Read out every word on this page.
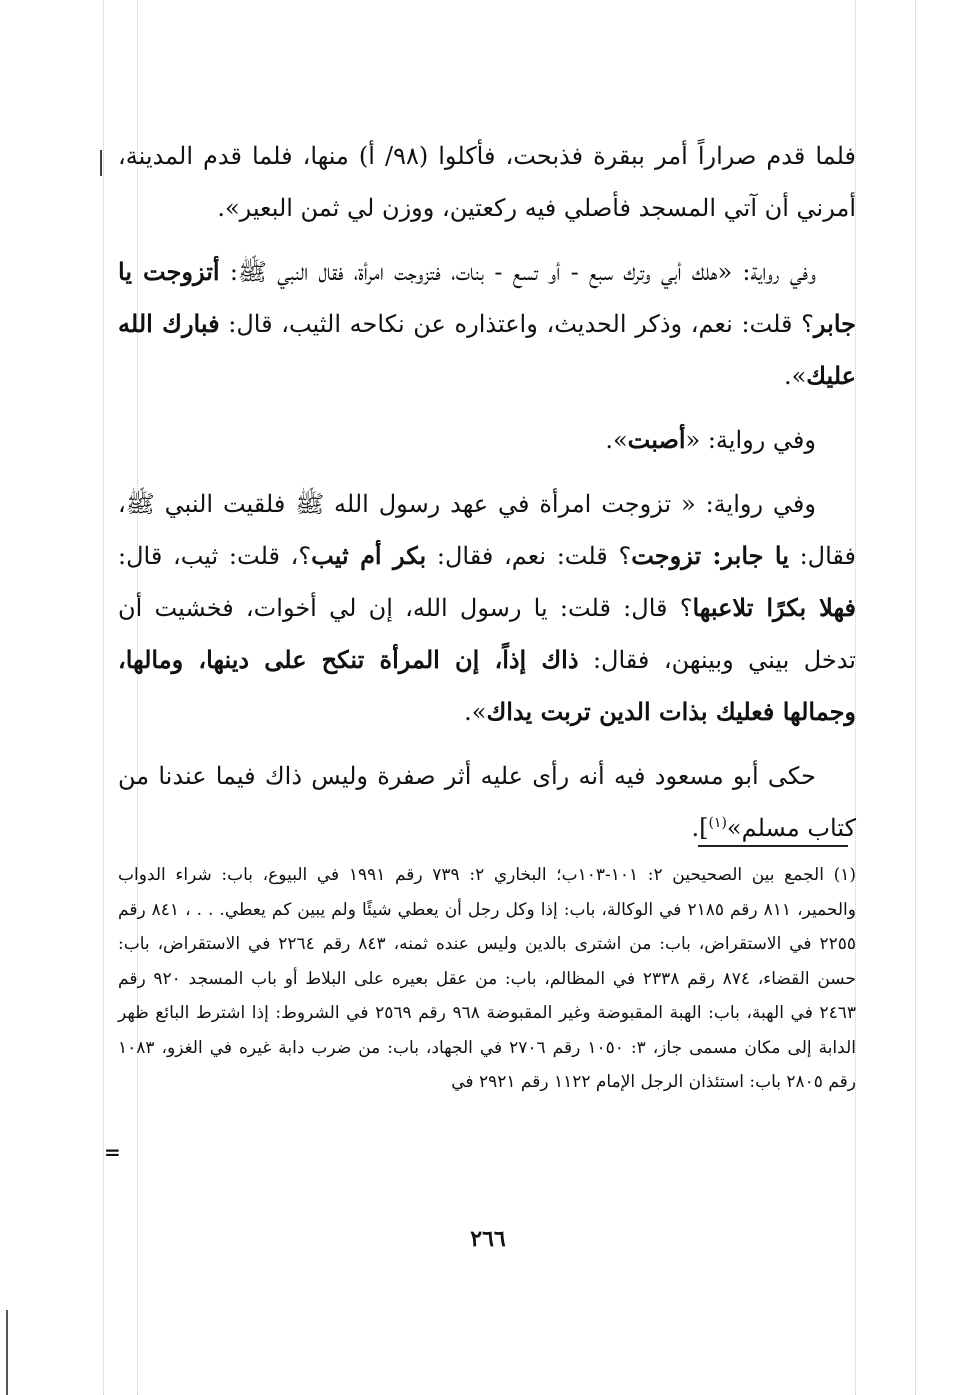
فلما قدم صراراً أمر ببقرة فذبحت، فأكلوا (٩٨/ أ) منها، فلما قدم المدينة، أمرني أن آتي المسجد فأصلي فيه ركعتين، ووزن لي ثمن البعير».

وفي رواية: «هلك أبي وترك سبع - أو تسع - بنات، فتزوجت امرأة، فقال النبي ﷺ: أتزوجت يا جابر؟ قلت: نعم، وذكر الحديث، واعتذاره عن نكاحه الثيب، قال: فبارك الله عليك».

وفي رواية: «أصبت».

وفي رواية: « تزوجت امرأة في عهد رسول الله ﷺ فلقيت النبي ﷺ، فقال: يا جابر: تزوجت؟ قلت: نعم، فقال: بكر أم ثيب؟، قلت: ثيب، قال: فهلا بكرًا تلاعبها؟ قال: قلت: يا رسول الله، إن لي أخوات، فخشيت أن تدخل بيني وبينهن، فقال: ذاك إذاً، إن المرأة تنكح على دينها، ومالها، وجمالها فعليك بذات الدين تربت يداك».

حكى أبو مسعود فيه أنه رأى عليه أثر صفرة وليس ذاك فيما عندنا من كتاب مسلم»$^{(١)}$].

(١) الجمع بين الصحيحين ٢: ١٠١-١٠٣ب؛ البخاري ٢: ٧٣٩ رقم ١٩٩١ في البيوع، باب: شراء الدواب والحمير، ٨١١ رقم ٢١٨٥ في الوكالة، باب: إذا وكل رجل أن يعطي شيئًا ولم يبين كم يعطي. . . ، ٨٤١ رقم ٢٢٥٥ في الاستقراض، باب: من اشترى بالدين وليس عنده ثمنه، ٨٤٣ رقم ٢٢٦٤ في الاستقراض، باب: حسن القضاء، ٨٧٤ رقم ٢٣٣٨ في المظالم، باب: من عقل بعيره على البلاط أو باب المسجد ٩٢٠ رقم ٢٤٦٣ في الهبة، باب: الهبة المقبوضة وغير المقبوضة ٩٦٨ رقم ٢٥٦٩ في الشروط: إذا اشترط البائع ظهر الدابة إلى مكان مسمى جاز، ٣: ١٠٥٠ رقم ٢٧٠٦ في الجهاد، باب: من ضرب دابة غيره في الغزو، ١٠٨٣ رقم ٢٨٠٥ باب: استئذان الرجل الإمام ١١٢٢ رقم ٢٩٢١ في
=
٢٦٦
